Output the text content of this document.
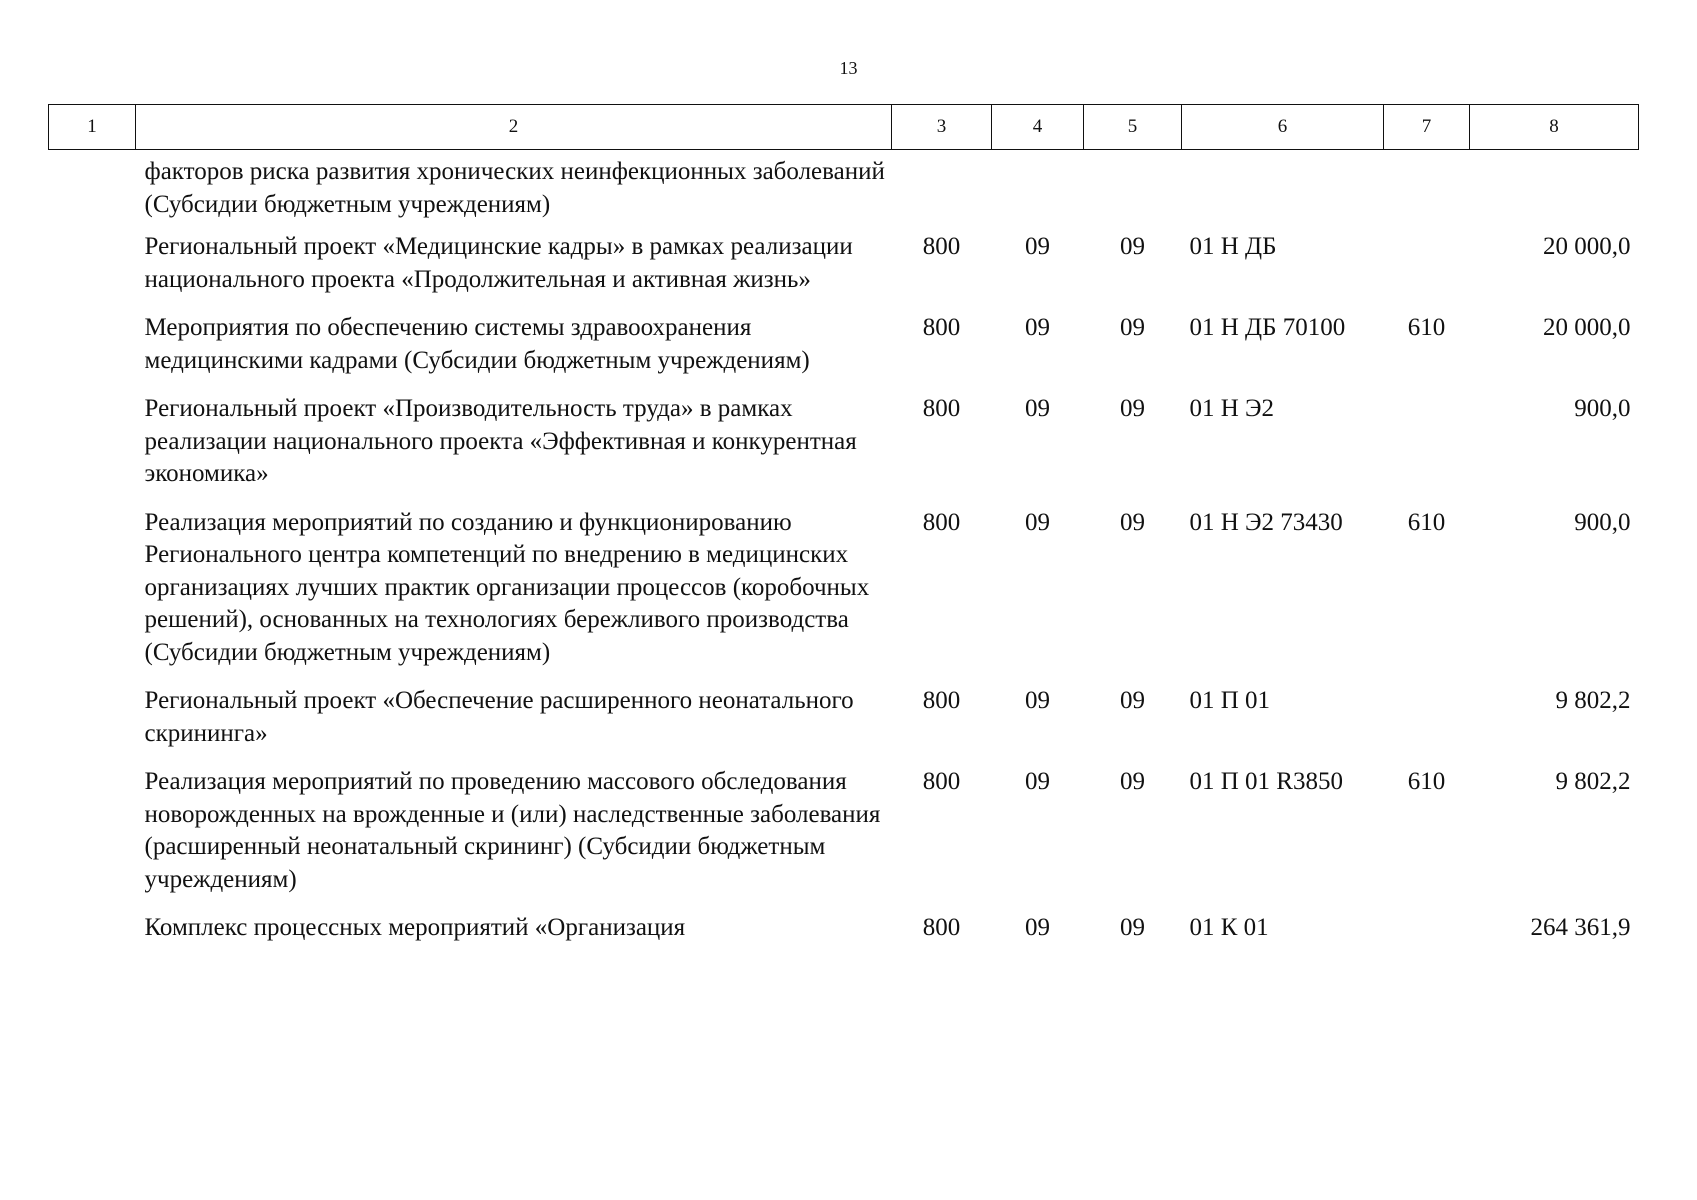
13
1	2	3	4	5	6	7	8
	факторов риска развития хронических неинфекционных заболеваний (Субсидии бюджетным учреждениям)						
	Региональный проект «Медицинские кадры» в рамках реализации национального проекта «Продолжительная и активная жизнь»	800	09	09	01 Н ДБ		20 000,0
	Мероприятия по обеспечению системы здравоохранения медицинскими кадрами (Субсидии бюджетным учреждениям)	800	09	09	01 Н ДБ 70100	610	20 000,0
	Региональный проект «Производительность труда» в рамках реализации национального проекта «Эффективная и конкурентная экономика»	800	09	09	01 Н Э2		900,0
	Реализация мероприятий по созданию и функционированию Регионального центра компетенций по внедрению в медицинских организациях лучших практик организации процессов (коробочных решений), основанных на технологиях бережливого производства (Субсидии бюджетным учреждениям)	800	09	09	01 Н Э2 73430	610	900,0
	Региональный проект «Обеспечение расширенного неонатального скрининга»	800	09	09	01 П 01		9 802,2
	Реализация мероприятий по проведению массового обследования новорожденных на врожденные и (или) наследственные заболевания (расширенный неонатальный скрининг) (Субсидии бюджетным учреждениям)	800	09	09	01 П 01 R3850	610	9 802,2
	Комплекс процессных мероприятий «Организация	800	09	09	01 К 01		264 361,9
